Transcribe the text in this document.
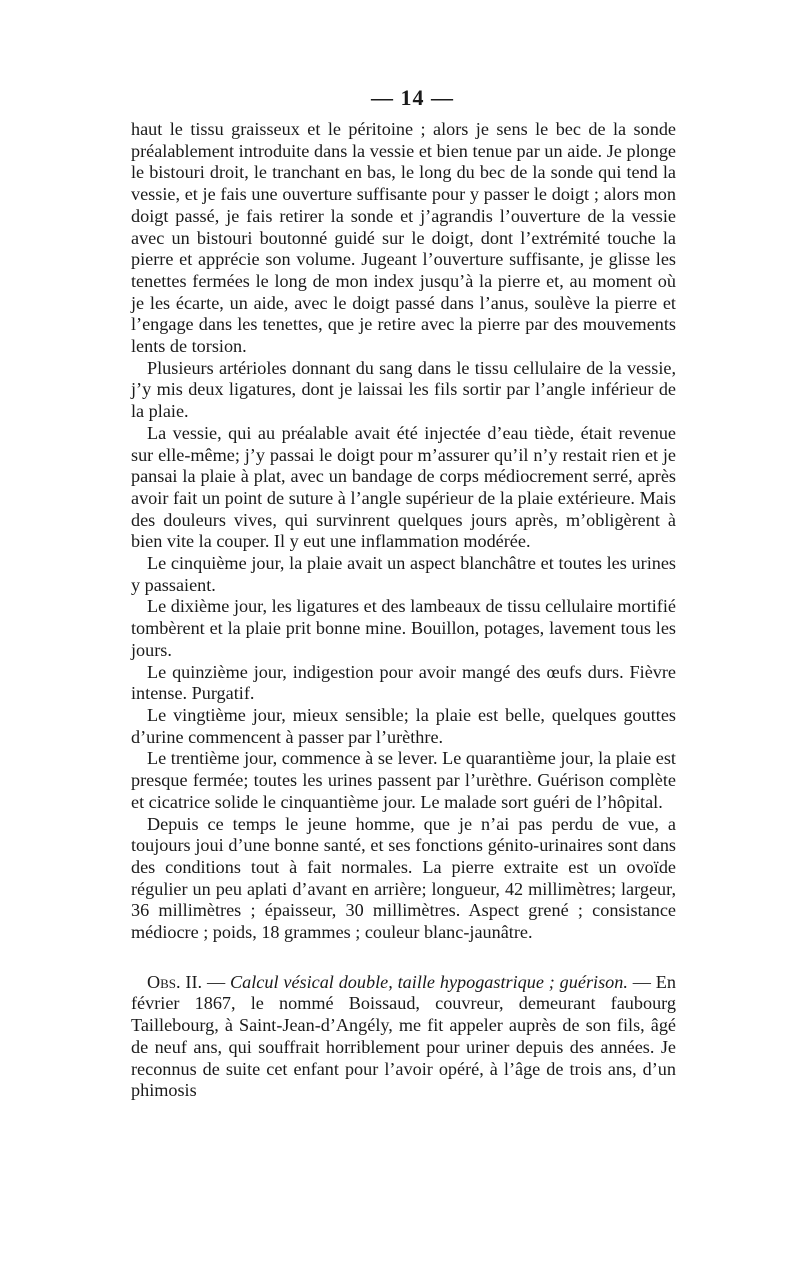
— 14 —

haut le tissu graisseux et le péritoine ; alors je sens le bec de la sonde préalablement introduite dans la vessie et bien tenue par un aide. Je plonge le bistouri droit, le tranchant en bas, le long du bec de la sonde qui tend la vessie, et je fais une ouverture suffisante pour y passer le doigt ; alors mon doigt passé, je fais retirer la sonde et j’agrandis l’ouverture de la vessie avec un bistouri boutonné guidé sur le doigt, dont l’extrémité touche la pierre et apprécie son volume. Jugeant l’ouverture suffisante, je glisse les tenettes fermées le long de mon index jusqu’à la pierre et, au moment où je les écarte, un aide, avec le doigt passé dans l’anus, soulève la pierre et l’engage dans les tenettes, que je retire avec la pierre par des mouvements lents de torsion.

Plusieurs artérioles donnant du sang dans le tissu cellulaire de la vessie, j’y mis deux ligatures, dont je laissai les fils sortir par l’angle inférieur de la plaie.

La vessie, qui au préalable avait été injectée d’eau tiède, était revenue sur elle-même; j’y passai le doigt pour m’assurer qu’il n’y restait rien et je pansai la plaie à plat, avec un bandage de corps médiocrement serré, après avoir fait un point de suture à l’angle supérieur de la plaie extérieure. Mais des douleurs vives, qui survinrent quelques jours après, m’obligèrent à bien vite la couper. Il y eut une inflammation modérée.

Le cinquième jour, la plaie avait un aspect blanchâtre et toutes les urines y passaient.

Le dixième jour, les ligatures et des lambeaux de tissu cellulaire mortifié tombèrent et la plaie prit bonne mine. Bouillon, potages, lavement tous les jours.

Le quinzième jour, indigestion pour avoir mangé des œufs durs. Fièvre intense. Purgatif.

Le vingtième jour, mieux sensible; la plaie est belle, quelques gouttes d’urine commencent à passer par l’urèthre.

Le trentième jour, commence à se lever. Le quarantième jour, la plaie est presque fermée; toutes les urines passent par l’urèthre. Guérison complète et cicatrice solide le cinquantième jour. Le malade sort guéri de l’hôpital.

Depuis ce temps le jeune homme, que je n’ai pas perdu de vue, a toujours joui d’une bonne santé, et ses fonctions génito-urinaires sont dans des conditions tout à fait normales. La pierre extraite est un ovoïde régulier un peu aplati d’avant en arrière; longueur, 42 millimètres; largeur, 36 millimètres ; épaisseur, 30 millimètres. Aspect grené ; consistance médiocre ; poids, 18 grammes ; couleur blanc-jaunâtre.

Obs. II. — Calcul vésical double, taille hypogastrique ; guérison. — En février 1867, le nommé Boissaud, couvreur, demeurant faubourg Taillebourg, à Saint-Jean-d’Angély, me fit appeler auprès de son fils, âgé de neuf ans, qui souffrait horriblement pour uriner depuis des années. Je reconnus de suite cet enfant pour l’avoir opéré, à l’âge de trois ans, d’un phimosis
